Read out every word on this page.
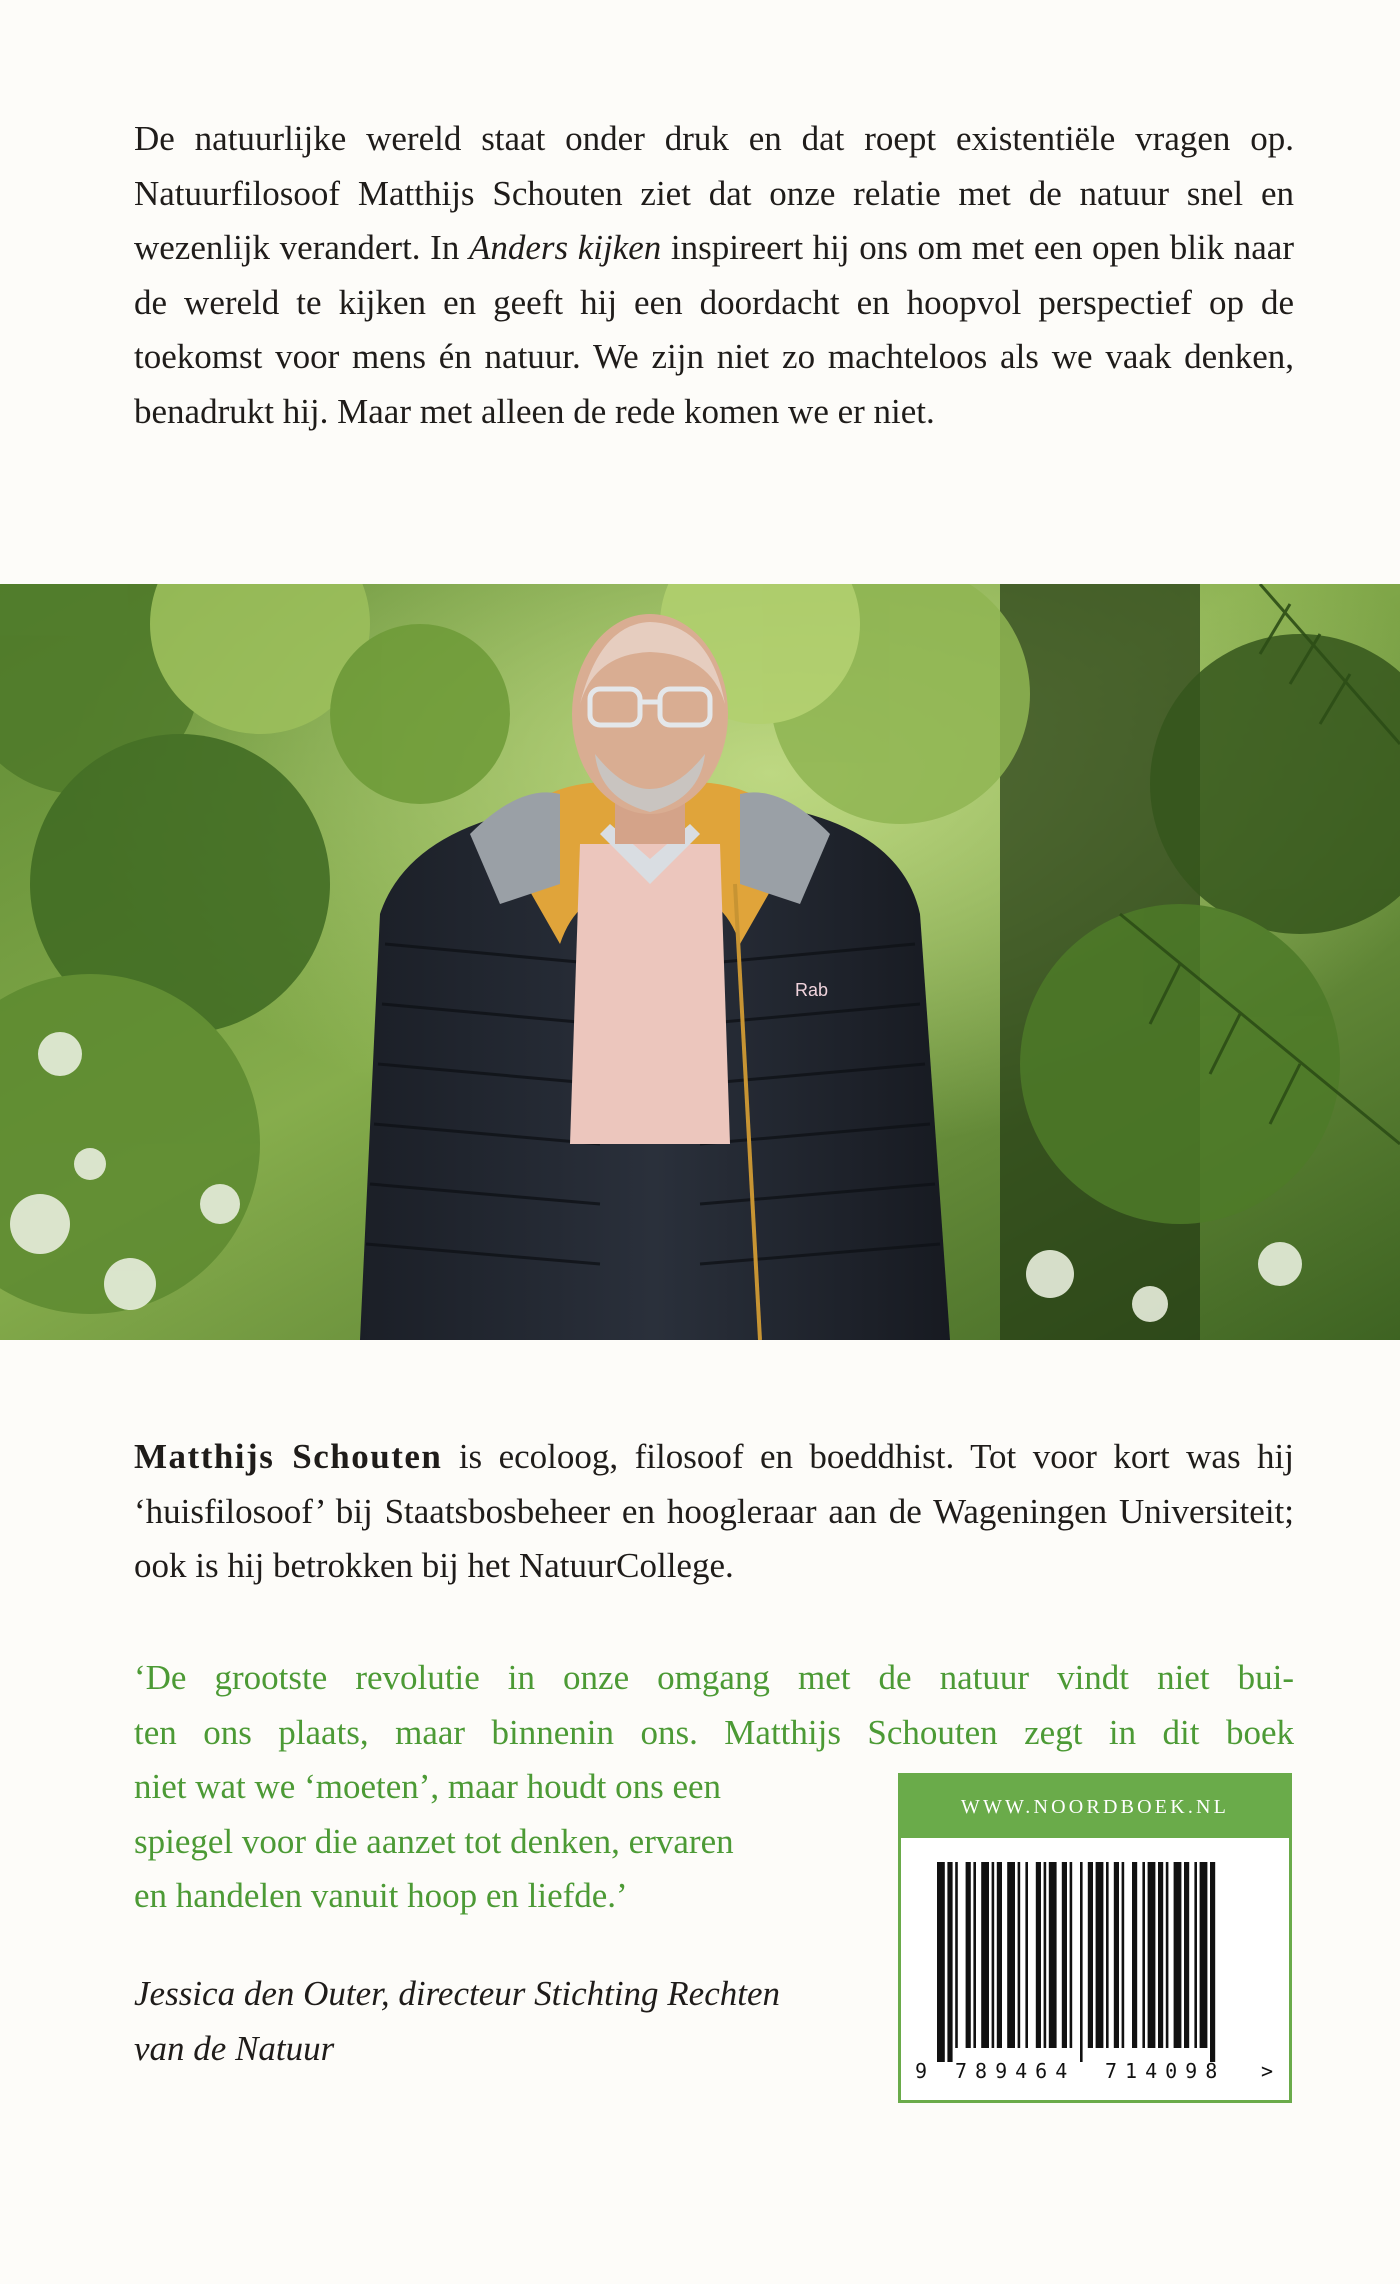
De natuurlijke wereld staat onder druk en dat roept existentiële vragen op. Natuurfilosoof Matthijs Schouten ziet dat onze relatie met de natuur snel en wezenlijk verandert. In Anders kijken inspireert hij ons om met een open blik naar de wereld te kijken en geeft hij een doordacht en hoopvol perspectief op de toekomst voor mens én natuur. We zijn niet zo machteloos als we vaak denken, benadrukt hij. Maar met alleen de rede komen we er niet.

Rab

Matthijs Schouten is ecoloog, filosoof en boeddhist. Tot voor kort was hij ‘huisfilosoof’ bij Staatsbosbeheer en hoogleraar aan de Wageningen Universiteit; ook is hij betrokken bij het NatuurCollege.

‘De grootste revolutie in onze omgang met de natuur vindt niet bui-
ten ons plaats, maar binnenin ons. Matthijs Schouten zegt in dit boek
niet wat we ‘moeten’, maar houdt ons een
spiegel voor die aanzet tot denken, ervaren
en handelen vanuit hoop en liefde.’

Jessica den Outer, directeur Stichting Rechten
van de Natuur

WWW.NOORDBOEK.NL
9 789464 714098 >
